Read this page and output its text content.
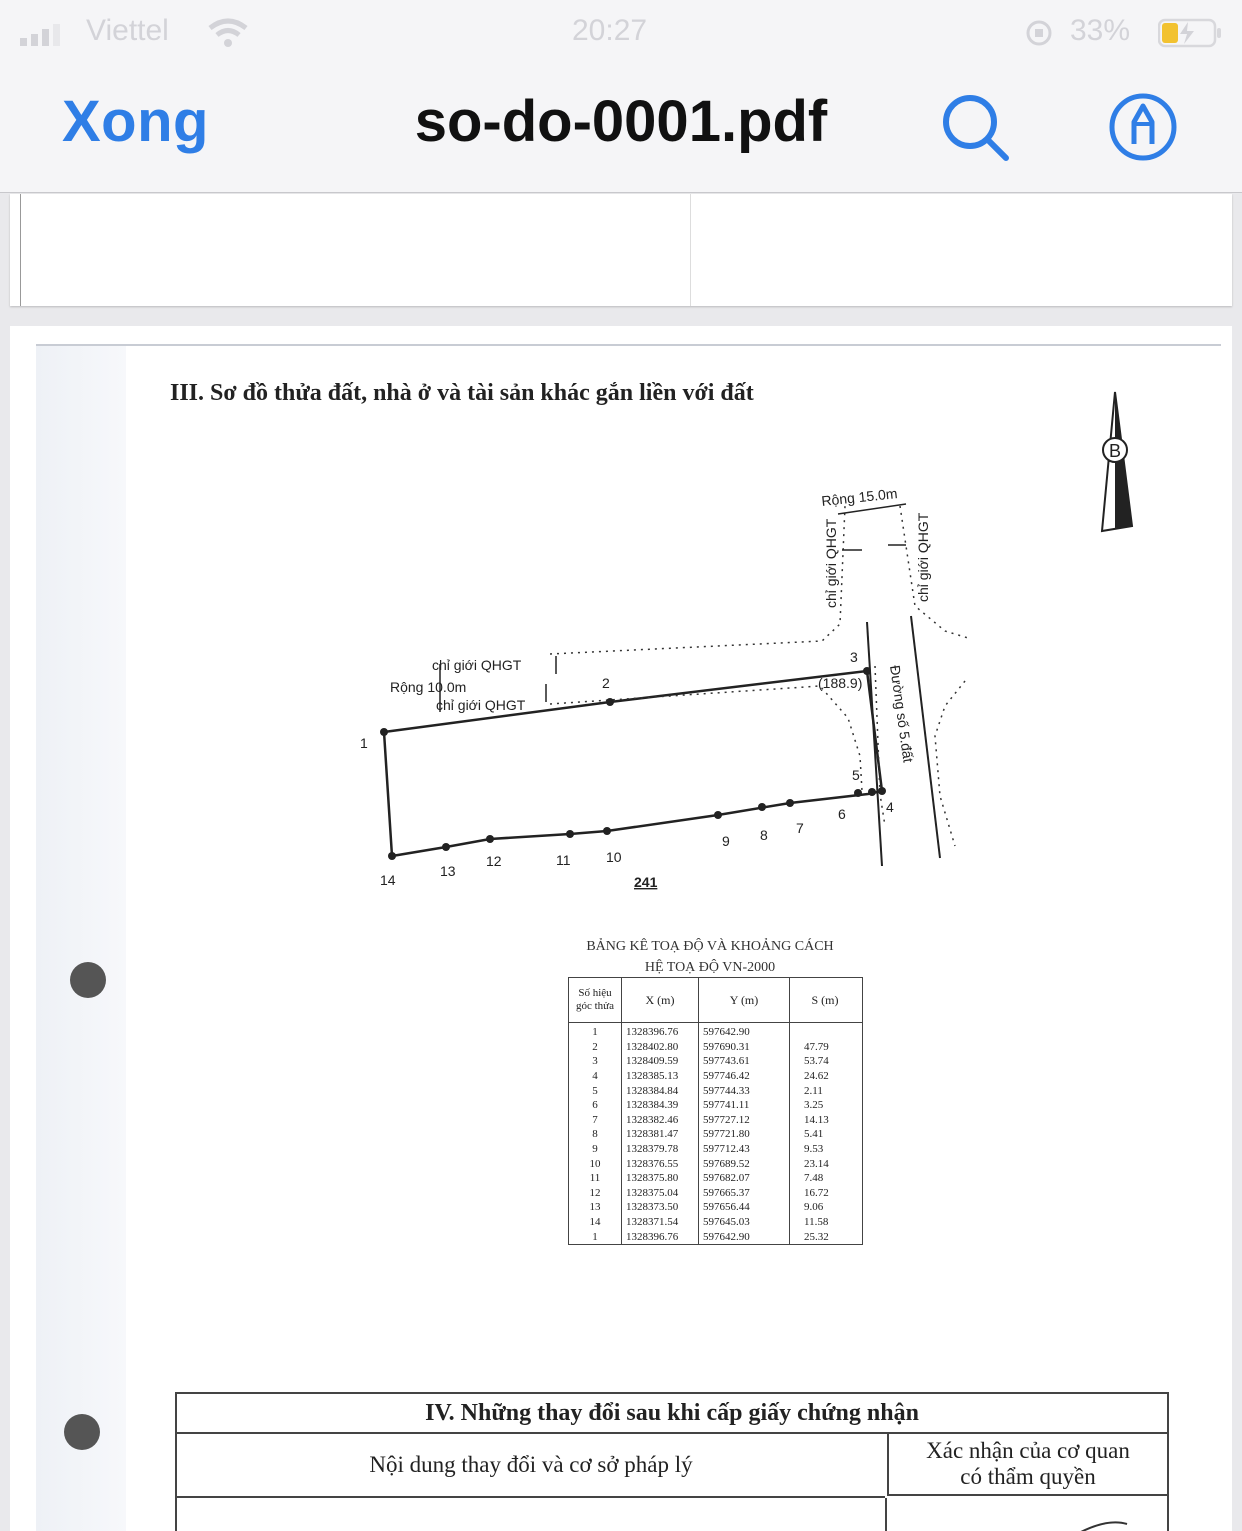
Viettel	20:27	33%
Xong	so-do-0001.pdf
III. Sơ đồ thửa đất, nhà ở và tài sản khác gắn liền với đất
B
1
2
3
4
5
6
7
8
9
10
11
12
13
14
Rộng 15.0m
chỉ giới QHGT	chỉ giới QHGT
chỉ giới QHGT
Rộng 10.0m
chỉ giới QHGT
(188.9) Đường số 5.đất
241
BẢNG KÊ TOẠ ĐỘ VÀ KHOẢNG CÁCH
HỆ TOẠ ĐỘ VN-2000
Số hiệu
góc thửa	X (m)	Y (m)	S (m)
1	1328396.76	597642.90	
2	1328402.80	597690.31	47.79
3	1328409.59	597743.61	53.74
4	1328385.13	597746.42	24.62
5	1328384.84	597744.33	2.11
6	1328384.39	597741.11	3.25
7	1328382.46	597727.12	14.13
8	1328381.47	597721.80	5.41
9	1328379.78	597712.43	9.53
10	1328376.55	597689.52	23.14
11	1328375.80	597682.07	7.48
12	1328375.04	597665.37	16.72
13	1328373.50	597656.44	9.06
14	1328371.54	597645.03	11.58
1	1328396.76	597642.90	25.32
IV. Những thay đổi sau khi cấp giấy chứng nhận
Nội dung thay đổi và cơ sở pháp lý
Xác nhận của cơ quan
có thẩm quyền
